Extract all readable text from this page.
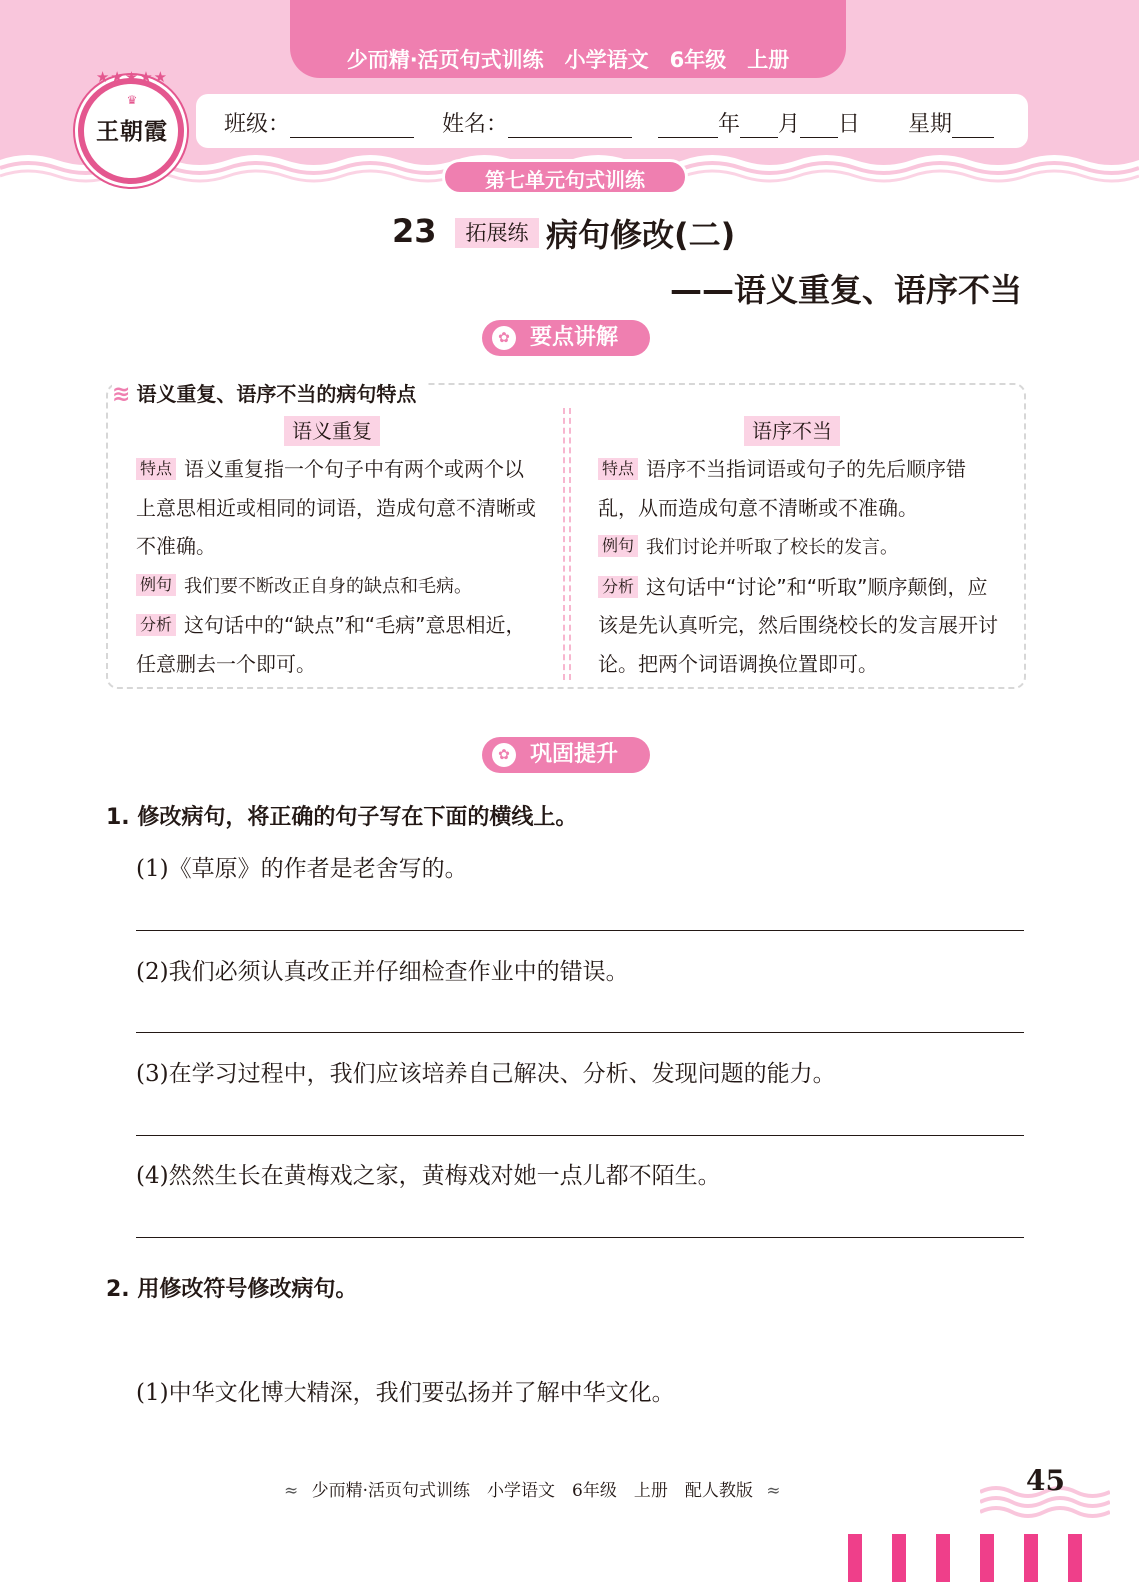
少而精·活页句式训练　小学语文　6年级　上册
★★★★★
♛
王朝霞	班级：	姓名：	年 月 日 星期
第七单元句式训练
23	拓展练 病句修改(二)
——语义重复、语序不当
✿ 要点讲解
≋ 语义重复、语序不当的病句特点
语义重复	语序不当

特点 语义重复指一个句子中有两个或两个以上意思相近或相同的词语，造成句意不清晰或不准确。

例句 我们要不断改正自身的缺点和毛病。

分析 这句话中的“缺点”和“毛病”意思相近，任意删去一个即可。

特点 语序不当指词语或句子的先后顺序错乱，从而造成句意不清晰或不准确。

例句 我们讨论并听取了校长的发言。

分析 这句话中“讨论”和“听取”顺序颠倒，应该是先认真听完，然后围绕校长的发言展开讨论。把两个词语调换位置即可。

✿ 巩固提升
1. 修改病句，将正确的句子写在下面的横线上。
(1)《草原》的作者是老舍写的。
(2)我们必须认真改正并仔细检查作业中的错误。
(3)在学习过程中，我们应该培养自己解决、分析、发现问题的能力。
(4)然然生长在黄梅戏之家，黄梅戏对她一点儿都不陌生。
2. 用修改符号修改病句。
(1)中华文化博大精深，我们要弘扬并了解中华文化。
≈ 少而精·活页句式训练　小学语文　6年级　上册　配人教版 ≈	45
